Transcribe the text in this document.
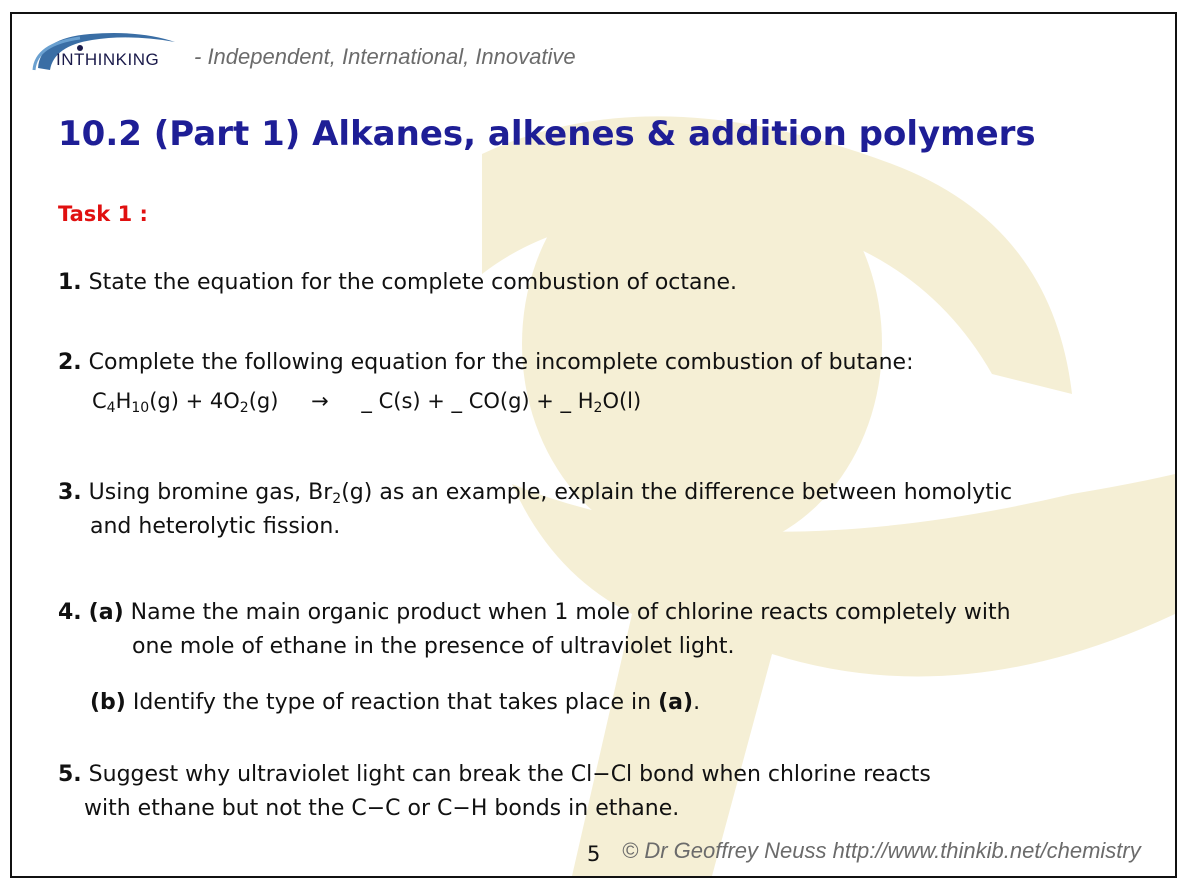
INTHINKING - Independent, International, Innovative
10.2 (Part 1) Alkanes, alkenes & addition polymers
Task 1 :
1. State the equation for the complete combustion of octane.
2. Complete the following equation for the incomplete combustion of butane:
$C_4H_{10}(g) + 4O_2(g)$ → _ C(s) + _ CO(g) + _ $H_2O(l)$
3. Using bromine gas, $Br_2(g)$ as an example, explain the difference between homolytic
and heterolytic fission.
4. (a) Name the main organic product when 1 mole of chlorine reacts completely with
one mole of ethane in the presence of ultraviolet light.
(b) Identify the type of reaction that takes place in (a).
5. Suggest why ultraviolet light can break the Cl−Cl bond when chlorine reacts
with ethane but not the C−C or C−H bonds in ethane.
5 © Dr Geoffrey Neuss http://www.thinkib.net/chemistry
